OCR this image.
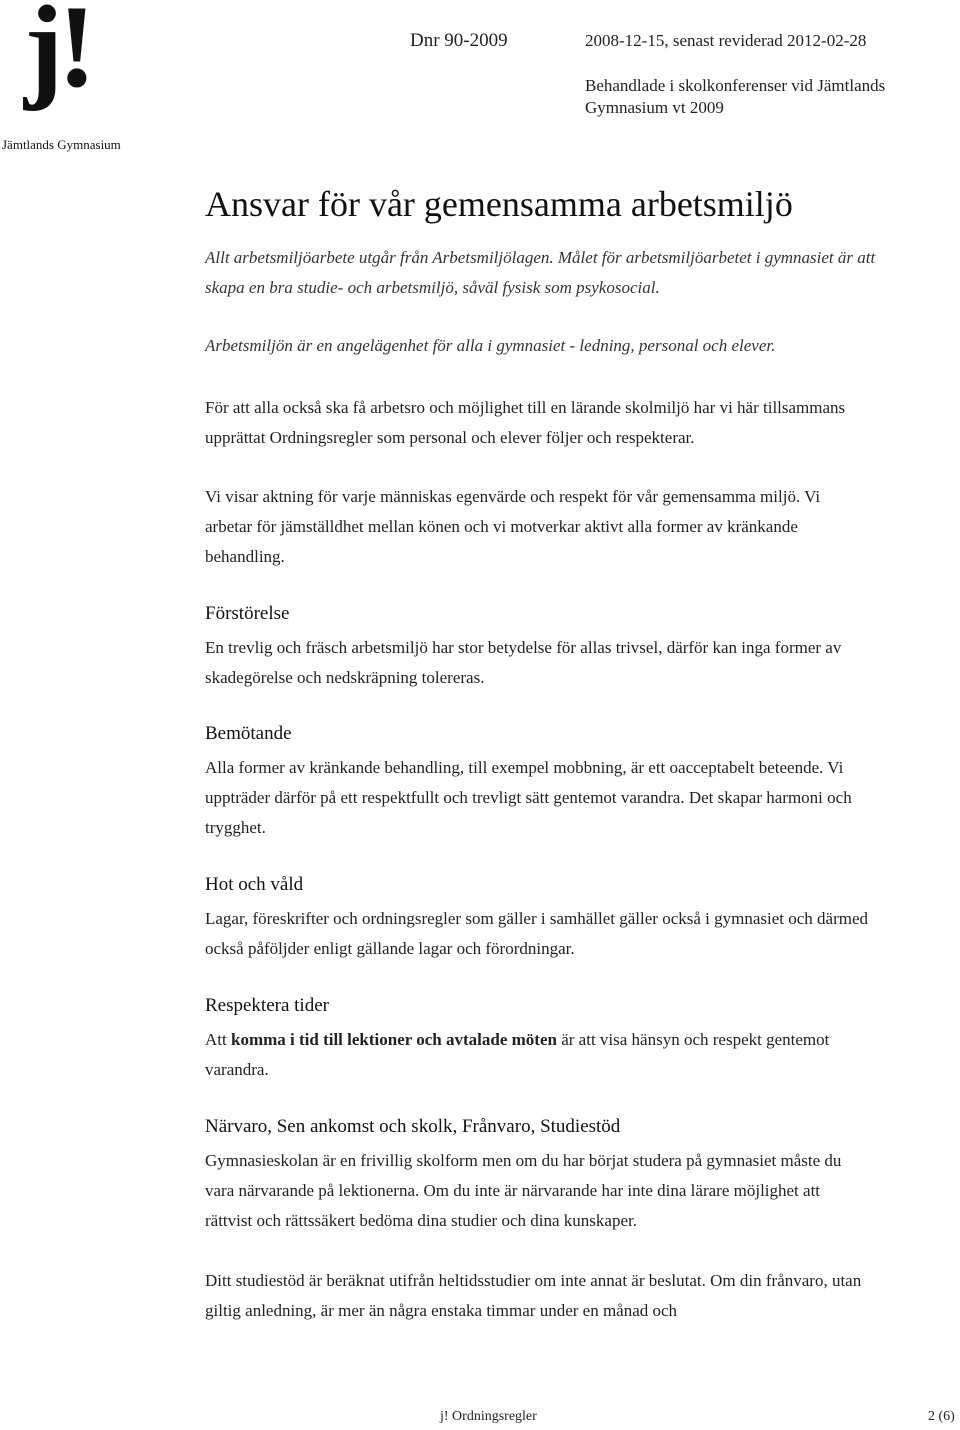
j!
Jämtlands Gymnasium
Dnr 90-2009	2008-12-15, senast reviderad 2012-02-28
Behandlade i skolkonferenser vid Jämtlands Gymnasium vt 2009
Ansvar för vår gemensamma arbetsmiljö

Allt arbetsmiljöarbete utgår från Arbetsmiljölagen. Målet för arbetsmiljöarbetet i gymnasiet är att skapa en bra studie- och arbetsmiljö, såväl fysisk som psykosocial.

Arbetsmiljön är en angelägenhet för alla i gymnasiet - ledning, personal och elever.

För att alla också ska få arbetsro och möjlighet till en lärande skolmiljö har vi här tillsammans upprättat Ordningsregler som personal och elever följer och respekterar.

Vi visar aktning för varje människas egenvärde och respekt för vår gemensamma miljö. Vi arbetar för jämställdhet mellan könen och vi motverkar aktivt alla former av kränkande behandling.

Förstörelse

En trevlig och fräsch arbetsmiljö har stor betydelse för allas trivsel, därför kan inga former av skadegörelse och nedskräpning tolereras.

Bemötande

Alla former av kränkande behandling, till exempel mobbning, är ett oacceptabelt beteende. Vi uppträder därför på ett respektfullt och trevligt sätt gentemot varandra. Det skapar harmoni och trygghet.

Hot och våld

Lagar, föreskrifter och ordningsregler som gäller i samhället gäller också i gymnasiet och därmed också påföljder enligt gällande lagar och förordningar.

Respektera tider

Att komma i tid till lektioner och avtalade möten är att visa hänsyn och respekt gentemot varandra.

Närvaro, Sen ankomst och skolk, Frånvaro, Studiestöd

Gymnasieskolan är en frivillig skolform men om du har börjat studera på gymnasiet måste du vara närvarande på lektionerna. Om du inte är närvarande har inte dina lärare möjlighet att rättvist och rättssäkert bedöma dina studier och dina kunskaper.

Ditt studiestöd är beräknat utifrån heltidsstudier om inte annat är beslutat. Om din frånvaro, utan giltig anledning, är mer än några enstaka timmar under en månad och

j! Ordningsregler	2 (6)
